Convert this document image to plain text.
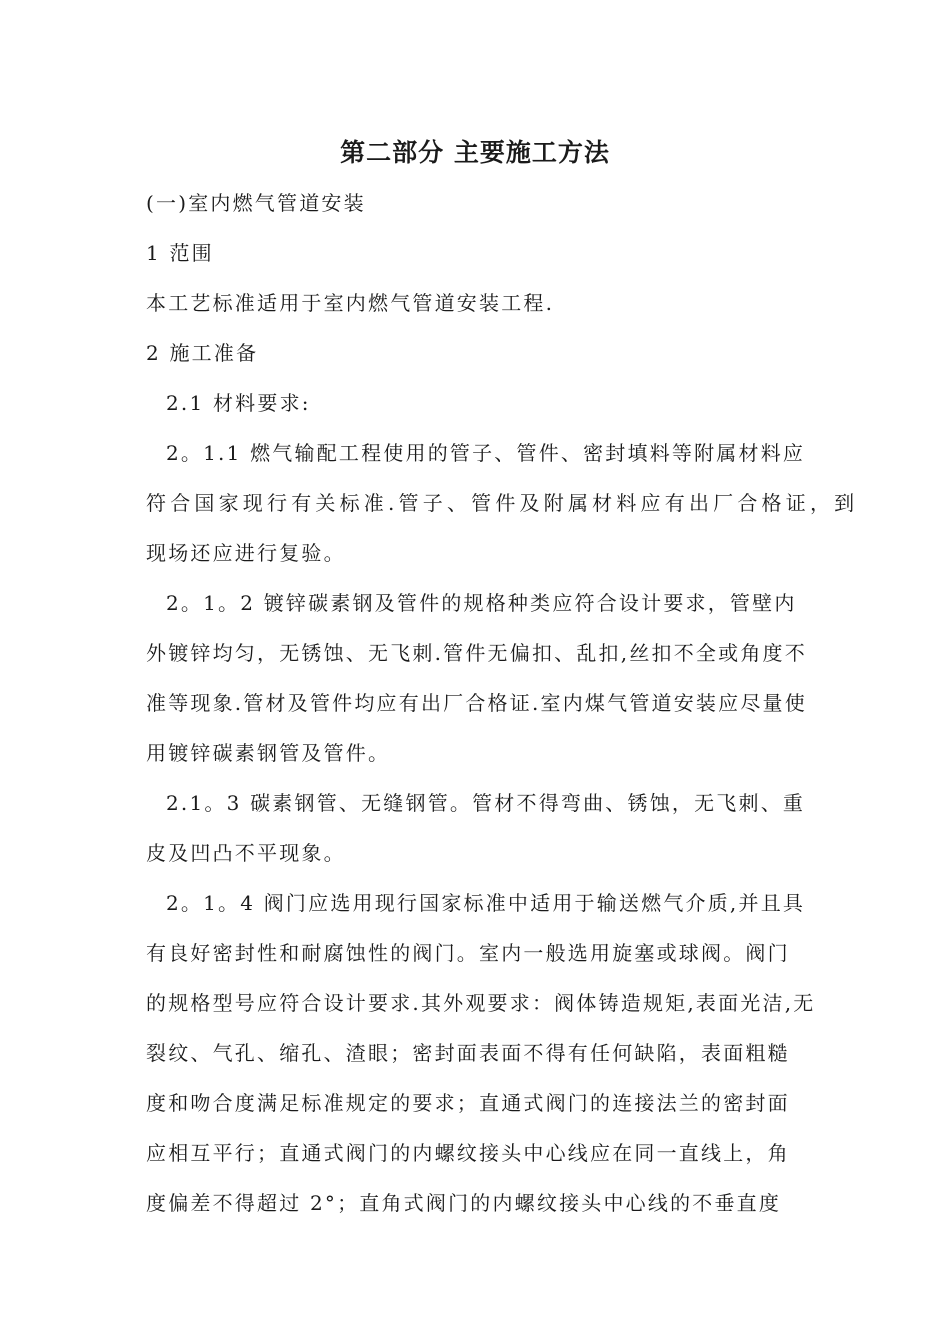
第二部分 主要施工方法
(一)室内燃气管道安装
1 范围
本工艺标准适用于室内燃气管道安装工程.
2 施工准备
2.1 材料要求:
2。1.1 燃气输配工程使用的管子、管件、密封填料等附属材料应
符合国家现行有关标准.管子、管件及附属材料应有出厂合格证，到
现场还应进行复验。
2。1。2 镀锌碳素钢及管件的规格种类应符合设计要求，管壁内
外镀锌均匀，无锈蚀、无飞刺.管件无偏扣、乱扣,丝扣不全或角度不
准等现象.管材及管件均应有出厂合格证.室内煤气管道安装应尽量使
用镀锌碳素钢管及管件。
2.1。3 碳素钢管、无缝钢管。管材不得弯曲、锈蚀，无飞刺、重
皮及凹凸不平现象。
2。1。4 阀门应选用现行国家标准中适用于输送燃气介质,并且具
有良好密封性和耐腐蚀性的阀门。室内一般选用旋塞或球阀。阀门
的规格型号应符合设计要求.其外观要求：阀体铸造规矩,表面光洁,无
裂纹、气孔、缩孔、渣眼；密封面表面不得有任何缺陷，表面粗糙
度和吻合度满足标准规定的要求；直通式阀门的连接法兰的密封面
应相互平行；直通式阀门的内螺纹接头中心线应在同一直线上，角
度偏差不得超过 2°；直角式阀门的内螺纹接头中心线的不垂直度
